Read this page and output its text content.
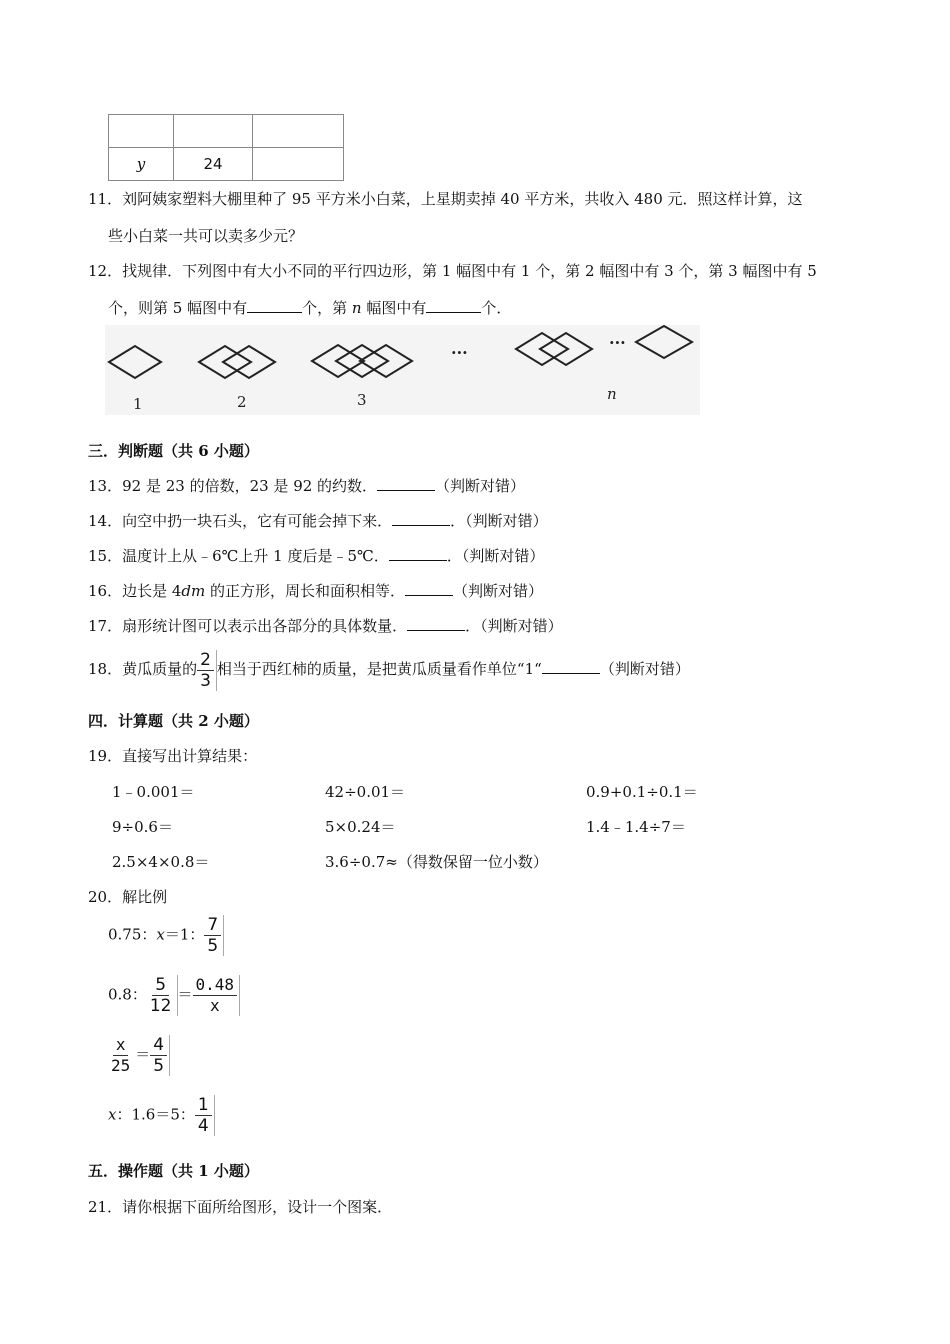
y	24	
11．刘阿姨家塑料大棚里种了 95 平方米小白菜，上星期卖掉 40 平方米，共收入 480 元．照这样计算，这
些小白菜一共可以卖多少元？
12．找规律．下列图中有大小不同的平行四边形，第 1 幅图中有 1 个，第 2 幅图中有 3 个，第 3 幅图中有 5
个，则第 5 幅图中有	个，第 n 幅图中有	个．
···
···
1	2	3	n
三．判断题（共 6 小题）
13．92 是 23 的倍数，23 是 92 的约数．	（判断对错）
14．向空中扔一块石头，它有可能会掉下来．	．（判断对错）
15．温度计上从﹣6℃上升 1 度后是﹣5℃．	．（判断对错）
16．边长是 4dm 的正方形，周长和面积相等．	（判断对错）
17．扇形统计图可以表示出各部分的具体数量．	．（判断对错）
18．黄瓜质量的 $\frac{2}{3}$ 相当于西红柿的质量，是把黄瓜质量看作单位“1“	（判断对错）
四．计算题（共 2 小题）
19．直接写出计算结果：
1﹣0.001＝	42÷0.01＝	0.9+0.1÷0.1＝
9÷0.6＝	5×0.24＝	1.4﹣1.4÷7＝
2.5×4×0.8＝	3.6÷0.7≈（得数保留一位小数）
20．解比例
0.75：x＝1： $\frac{7}{5}$
0.8： $\frac{5}{12} = \frac{0.48}{x}$
$\frac{x}{25} = \frac{4}{5}$
x：1.6＝5： $\frac{1}{4}$
五．操作题（共 1 小题）
21．请你根据下面所给图形，设计一个图案．
